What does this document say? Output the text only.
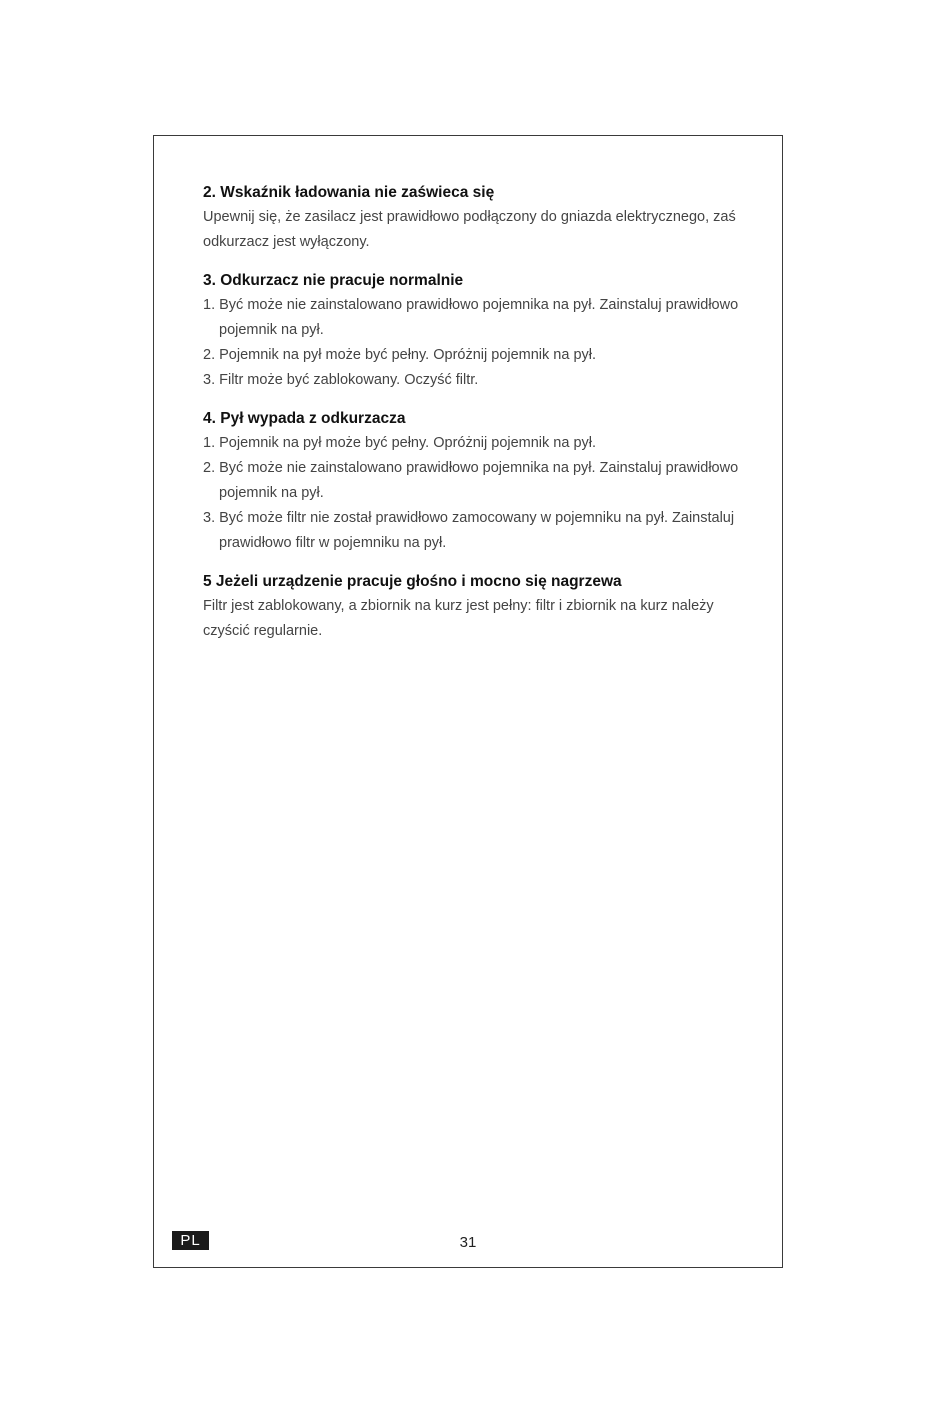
2. Wskaźnik ładowania nie zaświeca się

Upewnij się, że zasilacz jest prawidłowo podłączony do gniazda elektrycznego, zaś odkurzacz jest wyłączony.

3. Odkurzacz nie pracuje normalnie
1. Być może nie zainstalowano prawidłowo pojemnika na pył. Zainstaluj prawidłowo pojemnik na pył.
2. Pojemnik na pył może być pełny. Opróżnij pojemnik na pył.
3. Filtr może być zablokowany. Oczyść filtr.
4. Pył wypada z odkurzacza
1. Pojemnik na pył może być pełny. Opróżnij pojemnik na pył.
2. Być może nie zainstalowano prawidłowo pojemnika na pył. Zainstaluj prawidłowo pojemnik na pył.
3. Być może filtr nie został prawidłowo zamocowany w pojemniku na pył. Zainstaluj prawidłowo filtr w pojemniku na pył.
5 Jeżeli urządzenie pracuje głośno i mocno się nagrzewa

Filtr jest zablokowany, a zbiornik na kurz jest pełny: filtr i zbiornik na kurz należy czyścić regularnie.

PL	31
